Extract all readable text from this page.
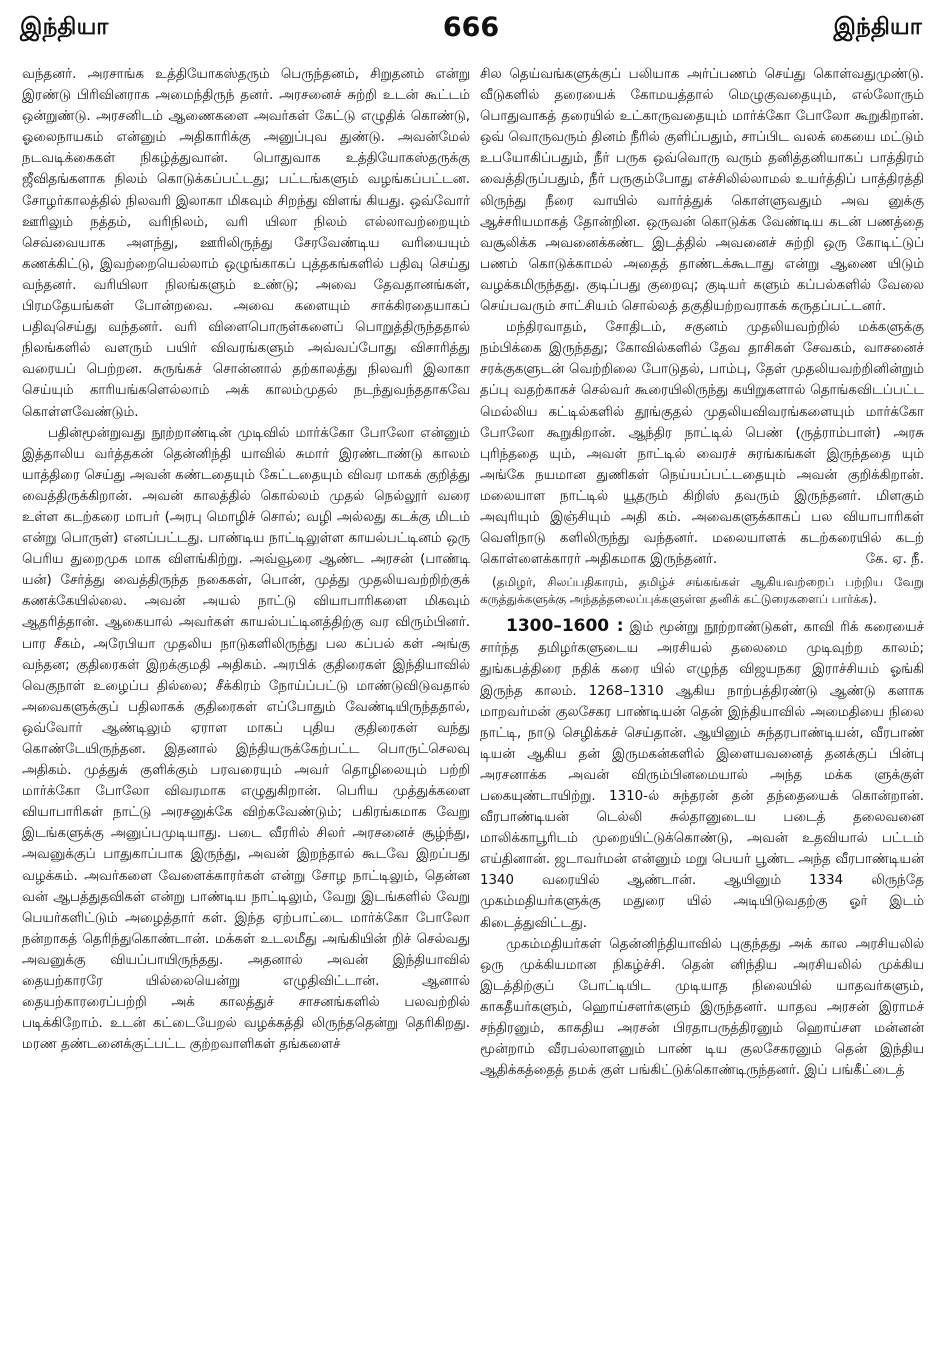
இந்தியா	666	இந்தியா

வந்தனர். அரசாங்க உத்தியோகஸ்தரும் பெருந்தனம், சிறுதனம் என்று இரண்டு பிரிவினராக அமைந்திருந் தனர். அரசனைச் சுற்றி உடன் கூட்டம் ஒன்றுண்டு. அரசனிடம் ஆணைகளை அவர்கள் கேட்டு எழுதிக் கொண்டு, ஓலைநாயகம் என்னும் அதிகாரிக்கு அனுப்புவ துண்டு. அவன்மேல் நடவடிக்கைகள் நிகழ்த்துவான். பொதுவாக உத்தியோகஸ்தருக்கு ஜீவிதங்களாக நிலம் கொடுக்கப்பட்டது; பட்டங்களும் வழங்கப்பட்டன. சோழர்காலத்தில் நிலவரி இலாகா மிகவும் சிறந்து விளங் கியது. ஒவ்வோர் ஊரிலும் நத்தம், வரிநிலம், வரி யிலா நிலம் எல்லாவற்றையும் செவ்வையாக அளந்து, ஊரிலிருந்து சேரவேண்டிய வரியையும் கணக்கிட்டு, இவற்றையெல்லாம் ஒழுங்காகப் புத்தகங்களில் பதிவு செய்து வந்தனர். வரியிலா நிலங்களும் உண்டு; அவை தேவதானங்கள், பிரமதேயங்கள் போன்றவை. அவை களையும் சாக்கிரதையாகப் பதிவுசெய்து வந்தனர். வரி விளைபொருள்களைப் பொறுத்திருந்ததால் நிலங்களில் வளரும் பயிர் விவரங்களும் அவ்வப்போது விசாரித்து வரையப் பெற்றன. சுருங்கச் சொன்னால் தற்காலத்து நிலவரி இலாகா செய்யும் காரியங்களெல்லாம் அக் காலம்முதல் நடந்துவந்ததாகவே கொள்ளவேண்டும்.

பதின்மூன்றுவது நூற்றாண்டின் முடிவில் மார்க்கோ போலோ என்னும் இத்தாலிய வர்த்தகன் தென்னிந்தி யாவில் சுமார் இரண்டாண்டு காலம் யாத்திரை செய்து அவன் கண்டதையும் கேட்டதையும் விவர மாகக் குறித்து வைத்திருக்கிறான். அவன் காலத்தில் கொல்லம் முதல் நெல்லூர் வரை உள்ள கடற்கரை மாபர் (அரபு மொழிச் சொல்; வழி அல்லது கடக்கு மிடம் என்று பொருள்) எனப்பட்டது. பாண்டிய நாட்டிலுள்ள காயல்பட்டினம் ஒரு பெரிய துறைமுக மாக விளங்கிற்று. அவ்வூரை ஆண்ட அரசன் (பாண்டி யன்) சேர்த்து வைத்திருந்த நகைகள், பொன், முத்து முதலியவற்றிற்குக் கணக்கேயில்லை. அவன் அயல் நாட்டு வியாபாரிகளை மிகவும் ஆதரித்தான். ஆகையால் அவர்கள் காயல்பட்டினத்திற்கு வர விரும்பினர். பார சீகம், அரேபியா முதலிய நாடுகளிலிருந்து பல கப்பல் கள் அங்கு வந்தன; குதிரைகள் இறக்குமதி அதிகம். அரபிக் குதிரைகள் இந்தியாவில் வெகுநாள் உழைப்ப தில்லை; சீக்கிரம் நோய்ப்பட்டு மாண்டுவிடுவதால் அவைகளுக்குப் பதிலாகக் குதிரைகள் எப்போதும் வேண்டியிருந்ததால், ஒவ்வோர் ஆண்டிலும் ஏராள மாகப் புதிய குதிரைகள் வந்து கொண்டேயிருந்தன. இதனால் இந்தியருக்கேற்பட்ட பொருட்செலவு அதிகம். முத்துக் குளிக்கும் பரவரையும் அவர் தொழிலையும் பற்றி மார்க்கோ போலோ விவரமாக எழுதுகிறான். பெரிய முத்துக்களை வியாபாரிகள் நாட்டு அரசனுக்கே விற்கவேண்டும்; பகிரங்கமாக வேறு இடங்களுக்கு அனுப்பமுடியாது. படை வீரரில் சிலர் அரசனைச் சூழ்ந்து, அவனுக்குப் பாதுகாப்பாக இருந்து, அவன் இறந்தால் கூடவே இறப்பது வழக்கம். அவர்களை வேளைக்காரர்கள் என்று சோழ நாட்டிலும், தென்ன வன் ஆபத்துதவிகள் என்று பாண்டிய நாட்டிலும், வேறு இடங்களில் வேறு பெயர்களிட்டும் அழைத்தார் கள். இந்த ஏற்பாட்டை மார்க்கோ போலோ நன்றாகத் தெரிந்துகொண்டான். மக்கள் உடலமீது அங்கியின் றிச் செல்வது அவனுக்கு வியப்பாயிருந்தது. அதனால் அவன் இந்தியாவில் தையற்காரரே யில்லையென்று எழுதிவிட்டான். ஆனால் தையற்காரரைப்பற்றி அக் காலத்துச் சாசனங்களில் பலவற்றில் படிக்கிறோம். உடன் கட்டையேறல் வழக்கத்தி லிருந்ததென்று தெரிகிறது. மரண தண்டனைக்குட்பட்ட குற்றவாளிகள் தங்களைச்

சில தெய்வங்களுக்குப் பலியாக அர்ப்பணம் செய்து கொள்வதுமுண்டு. வீடுகளில் தரையைக் கோமயத்தால் மெழுகுவதையும், எல்லோரும் பொதுவாகத் தரையில் உட்காருவதையும் மார்க்கோ போலோ கூறுகிறான். ஒவ் வொருவரும் தினம் நீரில் குளிப்பதும், சாப்பிட வலக் கையை மட்டும் உபயோகிப்பதும், நீர் பருக ஒவ்வொரு வரும் தனித்தனியாகப் பாத்திரம் வைத்திருப்பதும், நீர் பருகும்போது எச்சிலில்லாமல் உயர்த்திப் பாத்திரத்தி லிருந்து நீரை வாயில் வார்த்துக் கொள்ளுவதும் அவ னுக்கு ஆச்சரியமாகத் தோன்றின. ஒருவன் கொடுக்க வேண்டிய கடன் பணத்தை வசூலிக்க அவனைக்கண்ட இடத்தில் அவனைச் சுற்றி ஒரு கோடிட்டுப் பணம் கொடுக்காமல் அதைத் தாண்டக்கூடாது என்று ஆணை யிடும் வழக்கமிருந்தது. குடிப்பது குறைவு; குடியர் களும் கப்பல்களில் வேலை செய்பவரும் சாட்சியம் சொல்லத் தகுதியற்றவராகக் கருதப்பட்டனர்.

மந்திரவாதம், சோதிடம், சகுனம் முதலியவற்றில் மக்களுக்கு நம்பிக்கை இருந்தது; கோவில்களில் தேவ தாசிகள் சேவகம், வாசனைச் சரக்குகளுடன் வெற்றிலை போடுதல், பாம்பு, தேள் முதலியவற்றினின்றும் தப்பு வதற்காகச் செல்வர் கூரையிலிருந்து கயிறுகளால் தொங்கவிடப்பட்ட மெல்லிய கட்டில்களில் தூங்குதல் முதலியவிவரங்களையும் மார்க்கோ போலோ கூறுகிறான். ஆந்திர நாட்டில் பெண் (ருத்ராம்பாள்) அரசு புரிந்ததை யும், அவள் நாட்டில் வைரச் சுரங்கங்கள் இருந்ததை யும் அங்கே நயமான துணிகள் நெய்யப்பட்டதையும் அவன் குறிக்கிறான். மலையாள நாட்டில் யூதரும் கிறிஸ் தவரும் இருந்தனர். மிளகும் அவுரியும் இஞ்சியும் அதி கம். அவைகளுக்காகப் பல வியாபாரிகள் வெளிநாடு களிலிருந்து வந்தனர். மலையாளக் கடற்கரையில் கடற் கொள்ளைக்காரர் அதிகமாக இருந்தனர்.	கே. ஏ. நீ.

(தமிழர், சிலப்பதிகாரம், தமிழ்ச் சங்கங்கள் ஆகியவற்றைப் பற்றிய வேறு கருத்துக்களுக்கு அந்தத்தலைப்புக்களுள்ள தனிக் கட்டுரைகளைப் பார்க்க).

1300–1600 : இம் மூன்று நூற்றாண்டுகள், காவி ரிக் கரையைச் சார்ந்த தமிழர்களுடைய அரசியல் தலைமை முடிவுற்ற காலம்; துங்கபத்திரை நதிக் கரை யில் எழுந்த விஜயநகர இராச்சியம் ஓங்கி இருந்த காலம். 1268–1310 ஆகிய நாற்பத்திரண்டு ஆண்டு களாக மாறவர்மன் குலசேகர பாண்டியன் தென் இந்தியாவில் அமைதியை நிலை நாட்டி, நாடு செழிக்கச் செய்தான். ஆயினும் சுந்தரபாண்டியன், வீரபாண் டியன் ஆகிய தன் இருமகன்களில் இளையவனைத் தனக்குப் பின்பு அரசனாக்க அவன் விரும்பினமையால் அந்த மக்க ளுக்குள் பகையுண்டாயிற்று. 1310-ல் சுந்தரன் தன் தந்தையைக் கொன்றான். வீரபாண்டியன் டெல்லி சுல்தானுடைய படைத் தலைவனை மாலிக்காபூரிடம் முறையிட்டுக்கொண்டு, அவன் உதவியால் பட்டம் எய்தினான். ஜடாவர்மன் என்னும் மறு பெயர் பூண்ட அந்த வீரபாண்டியன் 1340 வரையில் ஆண்டான். ஆயினும் 1334 லிருந்தே முகம்மதியர்களுக்கு மதுரை யில் அடியிடுவதற்கு ஓர் இடம் கிடைத்துவிட்டது.

முகம்மதியர்கள் தென்னிந்தியாவில் புகுந்தது அக் கால அரசியலில் ஒரு முக்கியமான நிகழ்ச்சி. தென் னிந்திய அரசியலில் முக்கிய இடத்திற்குப் போட்டியிட முடியாத நிலையில் யாதவர்களும், காகதீயர்களும், ஹொய்சளர்களும் இருந்தனர். யாதவ அரசன் இராமச் சந்திரனும், காகதிய அரசன் பிரதாபருத்திரனும் ஹொய்சள மன்னன் மூன்றாம் வீரபல்லாளனும் பாண் டிய குலசேகரனும் தென் இந்திய ஆதிக்கத்தைத் தமக் குள் பங்கிட்டுக்கொண்டிருந்தனர். இப் பங்கீட்டைத்
